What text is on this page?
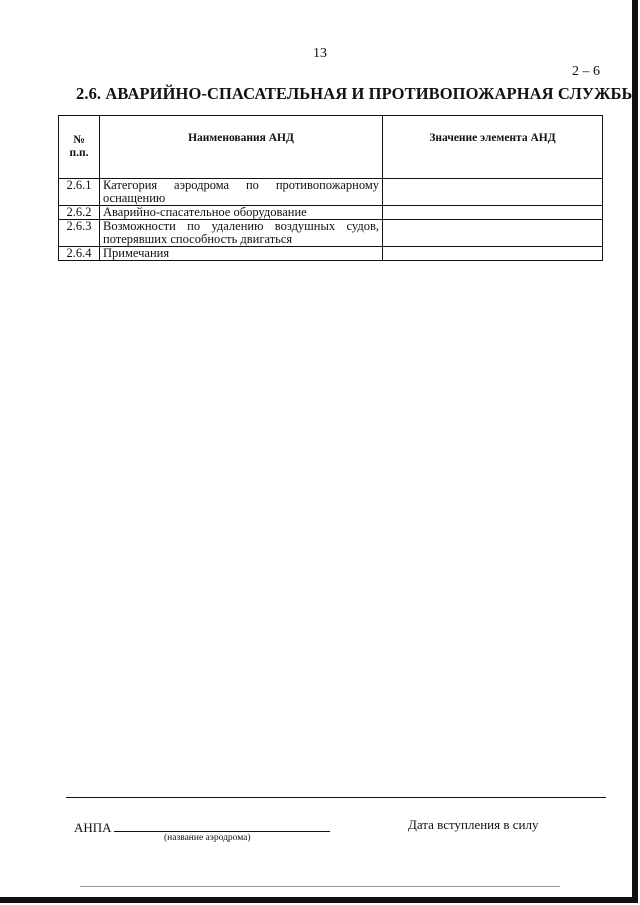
13
2 – 6
2.6. АВАРИЙНО-СПАСАТЕЛЬНАЯ И ПРОТИВОПОЖАРНАЯ СЛУЖБЫ
№
п.п.	Наименования АНД	Значение элемента АНД
2.6.1	Категория аэродрома по противопожарному оснащению	
2.6.2	Аварийно-спасательное оборудование	
2.6.3	Возможности по удалению воздушных судов, потерявших способность двигаться	
2.6.4	Примечания	
АНПА
(название аэродрома)
Дата вступления в силу
